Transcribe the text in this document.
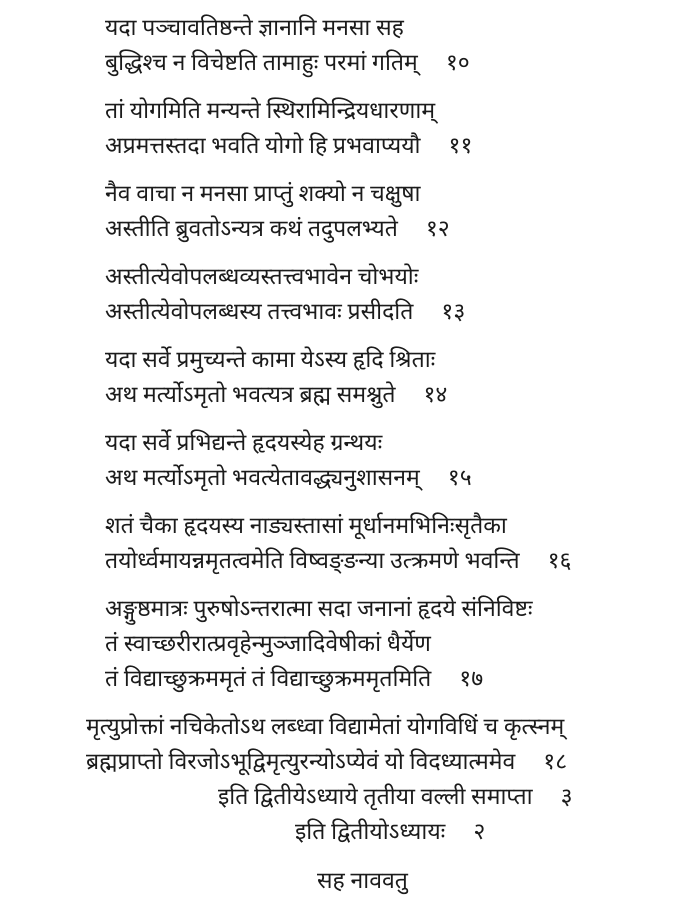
यदा पञ्चावतिष्ठन्ते ज्ञानानि मनसा सह
बुद्धिश्च न विचेष्टति तामाहुः परमां गतिम् १०
तां योगमिति मन्यन्ते स्थिरामिन्द्रियधारणाम्
अप्रमत्तस्तदा भवति योगो हि प्रभवाप्ययौ ११
नैव वाचा न मनसा प्राप्तुं शक्यो न चक्षुषा
अस्तीति ब्रुवतोऽन्यत्र कथं तदुपलभ्यते १२
अस्तीत्येवोपलब्धव्यस्तत्त्वभावेन चोभयोः
अस्तीत्येवोपलब्धस्य तत्त्वभावः प्रसीदति १३
यदा सर्वे प्रमुच्यन्ते कामा येऽस्य हृदि श्रिताः
अथ मर्त्योऽमृतो भवत्यत्र ब्रह्म समश्नुते १४
यदा सर्वे प्रभिद्यन्ते हृदयस्येह ग्रन्थयः
अथ मर्त्योऽमृतो भवत्येतावद्ध्यनुशासनम् १५
शतं चैका हृदयस्य नाड्यस्तासां मूर्धानमभिनिःसृतैका
तयोर्ध्वमायन्नमृतत्वमेति विष्वङ्ङन्या उत्क्रमणे भवन्ति १६
अङ्गुष्ठमात्रः पुरुषोऽन्तरात्मा सदा जनानां हृदये संनिविष्टः
तं स्वाच्छरीरात्प्रवृहेन्मुञ्जादिवेषीकां धैर्येण
तं विद्याच्छुक्रममृतं तं विद्याच्छुक्रममृतमिति १७
मृत्युप्रोक्तां नचिकेतोऽथ लब्ध्वा विद्यामेतां योगविधिं च कृत्स्नम्
ब्रह्मप्राप्तो विरजोऽभूद्विमृत्युरन्योऽप्येवं यो विदध्यात्ममेव १८
इति द्वितीयेऽध्याये तृतीया वल्ली समाप्ता ३
इति द्वितीयोऽध्यायः २
सह नाववतु
